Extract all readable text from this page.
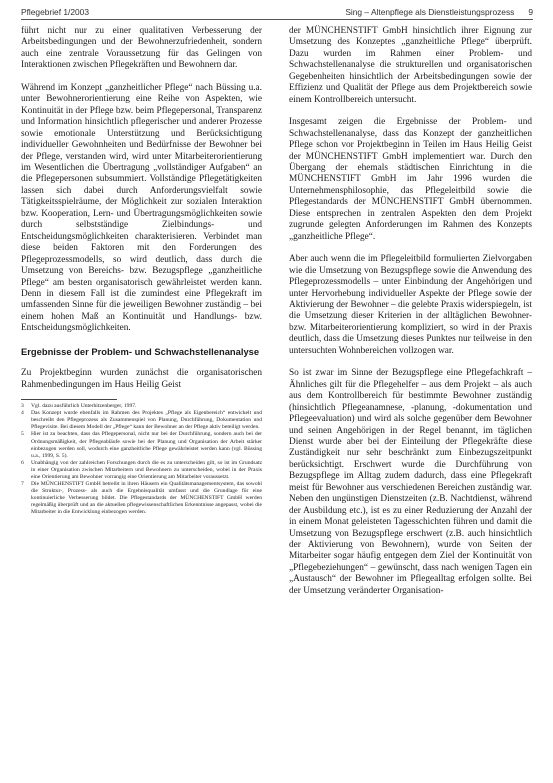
Pflegebrief 1/2003	Sing – Altenpflege als Dienstleistungsprozess 9

führt nicht nur zu einer qualitativen Verbesserung der Arbeitsbedingungen und der Bewohnerzufriedenheit, sondern auch eine zentrale Voraussetzung für das Gelingen von Interaktionen zwischen Pflegekräften und Bewohnern dar.

Während im Konzept „ganzheitlicher Pflege“ nach Büssing u.a. unter Bewohnerorientierung eine Reihe von Aspekten, wie Kontinuität in der Pflege bzw. beim Pflegepersonal, Transparenz und Information hinsichtlich pflegerischer und anderer Prozesse sowie emotionale Unterstützung und Berücksichtigung individueller Gewohnheiten und Bedürfnisse der Bewohner bei der Pflege, verstanden wird, wird unter Mitarbeiterorientierung im Wesentlichen die Übertragung „vollständiger Aufgaben“ an die Pflegepersonen subsummiert. Vollständige Pflegetätigkeiten lassen sich dabei durch Anforderungsvielfalt sowie Tätigkeitsspielräume, der Möglichkeit zur sozialen Interaktion bzw. Kooperation, Lern- und Übertragungsmöglichkeiten sowie durch selbstständige Zielbindungs- und Entscheidungsmöglichkeiten charakterisieren. Verbindet man diese beiden Faktoren mit den Forderungen des Pflegeprozessmodells, so wird deutlich, dass durch die Umsetzung von Bereichs- bzw. Bezugspflege „ganzheitliche Pflege“ am besten organisatorisch gewährleistet werden kann. Denn in diesem Fall ist die zumindest eine Pflegekraft im umfassenden Sinne für die jeweiligen Bewohner zuständig – bei einem hohen Maß an Kontinuität und Handlungs- bzw. Entscheidungsmöglichkeiten.

Ergebnisse der Problem- und Schwachstellenanalyse

Zu Projektbeginn wurden zunächst die organisatorischen Rahmenbedingungen im Haus Heilig Geist

3 Vgl. dazu ausführlich Unterhitzenberger, 1997.

4 Das Konzept wurde ebenfalls im Rahmen des Projektes „Pflege als Eigenbereich“ entwickelt und beschreibt den Pflegeprozess als Zusammenspiel von Planung, Durchführung, Dokumentation und Pflegevisite. Bei diesem Modell der „Pflege“ kann der Bewohner an der Pflege aktiv beteiligt werden.

5 Hier ist zu beachten, dass das Pflegepersonal, nicht nur bei der Durchführung, sondern auch bei der Ordnungsmäßigkeit, der Pflegeabläufe sowie bei der Planung und Organisation der Arbeit stärker einbezogen werden soll, wodurch eine ganzheitliche Pflege gewährleistet werden kann (vgl. Büssing u.a., 1999, S. 5).

6 Unabhängig von der zahlreichen Forschungen durch die es zu unterscheiden gilt, so ist im Grundsatz in einer Organisation zwischen Mitarbeitern und Bewohnern zu unterscheiden, wobei in der Praxis eine Orientierung am Bewohner vorrangig eine Orientierung am Mitarbeiter voraussetzt.

7 Die MÜNCHENSTIFT GmbH betreibt in ihren Häusern ein Qualitätsmanagementsystem, das sowohl die Struktur-, Prozess- als auch die Ergebnisqualität umfasst und die Grundlage für eine kontinuierliche Verbesserung bildet. Die Pflegestandards der MÜNCHENSTIFT GmbH werden regelmäßig überprüft und an die aktuellen pflegewissenschaftlichen Erkenntnisse angepasst, wobei die Mitarbeiter in die Entwicklung einbezogen werden.

der MÜNCHENSTIFT GmbH hinsichtlich ihrer Eignung zur Umsetzung des Konzeptes „ganzheitliche Pflege“ überprüft. Dazu wurden im Rahmen einer Problem- und Schwachstellenanalyse die strukturellen und organisatorischen Gegebenheiten hinsichtlich der Arbeitsbedingungen sowie der Effizienz und Qualität der Pflege aus dem Projektbereich sowie einem Kontrollbereich untersucht.

Insgesamt zeigen die Ergebnisse der Problem- und Schwachstellenanalyse, dass das Konzept der ganzheitlichen Pflege schon vor Projektbeginn in Teilen im Haus Heilig Geist der MÜNCHENSTIFT GmbH implementiert war. Durch den Übergang der ehemals städtischen Einrichtung in die MÜNCHENSTIFT GmbH im Jahr 1996 wurden die Unternehmensphilosophie, das Pflegeleitbild sowie die Pflegestandards der MÜNCHENSTIFT GmbH übernommen. Diese entsprechen in zentralen Aspekten den dem Projekt zugrunde gelegten Anforderungen im Rahmen des Konzepts „ganzheitliche Pflege“.

Aber auch wenn die im Pflegeleitbild formulierten Zielvorgaben wie die Umsetzung von Bezugspflege sowie die Anwendung des Pflegeprozessmodells – unter Einbindung der Angehörigen und unter Hervorhebung individueller Aspekte der Pflege sowie der Aktivierung der Bewohner – die gelebte Praxis widerspiegeln, ist die Umsetzung dieser Kriterien in der alltäglichen Bewohner- bzw. Mitarbeiterorientierung kompliziert, so wird in der Praxis deutlich, dass die Umsetzung dieses Punktes nur teilweise in den untersuchten Wohnbereichen vollzogen war.

So ist zwar im Sinne der Bezugspflege eine Pflegefachkraft – Ähnliches gilt für die Pflegehelfer – aus dem Projekt – als auch aus dem Kontrollbereich für bestimmte Bewohner zuständig (hinsichtlich Pflegeanamnese, -planung, -dokumentation und Pflegeevaluation) und wird als solche gegenüber dem Bewohner und seinen Angehörigen in der Regel benannt, im täglichen Dienst wurde aber bei der Einteilung der Pflegekräfte diese Zuständigkeit nur sehr beschränkt zum Einbezugszeitpunkt berücksichtigt. Erschwert wurde die Durchführung von Bezugspflege im Alltag zudem dadurch, dass eine Pflegekraft meist für Bewohner aus verschiedenen Bereichen zuständig war. Neben den ungünstigen Dienstzeiten (z.B. Nachtdienst, während der Ausbildung etc.), ist es zu einer Reduzierung der Anzahl der in einem Monat geleisteten Tagesschichten führen und damit die Umsetzung von Bezugspflege erschwert (z.B. auch hinsichtlich der Aktivierung von Bewohnern), wurde von Seiten der Mitarbeiter sogar häufig entgegen dem Ziel der Kontinuität von „Pflegebeziehungen“ – gewünscht, dass nach wenigen Tagen ein „Austausch“ der Bewohner im Pflegealltag erfolgen sollte. Bei der Umsetzung veränderter Organisation-
